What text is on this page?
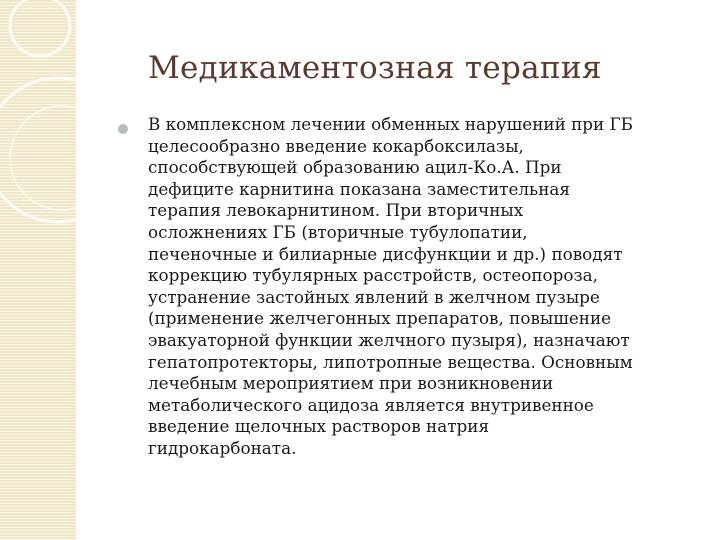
Медикаментозная терапия
В комплексном лечении обменных нарушений при ГБ
целесообразно введение кокарбоксилазы,
способствующей образованию ацил-Ко.А. При
дефиците карнитина показана заместительная
терапия левокарнитином. При вторичных
осложнениях ГБ (вторичные тубулопатии,
печеночные и билиарные дисфункции и др.) поводят
коррекцию тубулярных расстройств, остеопороза,
устранение застойных явлений в желчном пузыре
(применение желчегонных препаратов, повышение
эвакуаторной функции желчного пузыря), назначают
гепатопротекторы, липотропные вещества. Основным
лечебным мероприятием при возникновении
метаболического ацидоза является внутривенное
введение щелочных растворов натрия
гидрокарбоната.
